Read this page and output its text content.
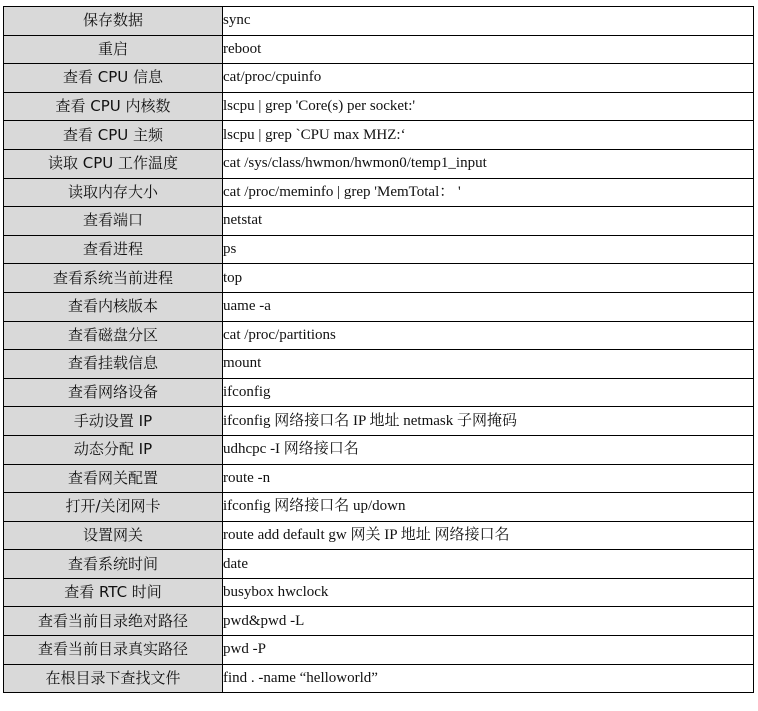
保存数据	sync
重启	reboot
查看 CPU 信息	cat/proc/cpuinfo
查看 CPU 内核数	lscpu | grep 'Core(s) per socket:'
查看 CPU 主频	lscpu | grep `CPU max MHZ:‘
读取 CPU 工作温度	cat /sys/class/hwmon/hwmon0/temp1_input
读取内存大小	cat /proc/meminfo | grep 'MemTotal： '
查看端口	netstat
查看进程	ps
查看系统当前进程	top
查看内核版本	uame -a
查看磁盘分区	cat /proc/partitions
查看挂载信息	mount
查看网络设备	ifconfig
手动设置 IP	ifconfig 网络接口名 IP 地址 netmask 子网掩码
动态分配 IP	udhcpc -I 网络接口名
查看网关配置	route -n
打开/关闭网卡	ifconfig 网络接口名 up/down
设置网关	route add default gw 网关 IP 地址 网络接口名
查看系统时间	date
查看 RTC 时间	busybox hwclock
查看当前目录绝对路径	pwd&pwd -L
查看当前目录真实路径	pwd -P
在根目录下查找文件	find . -name “helloworld”
